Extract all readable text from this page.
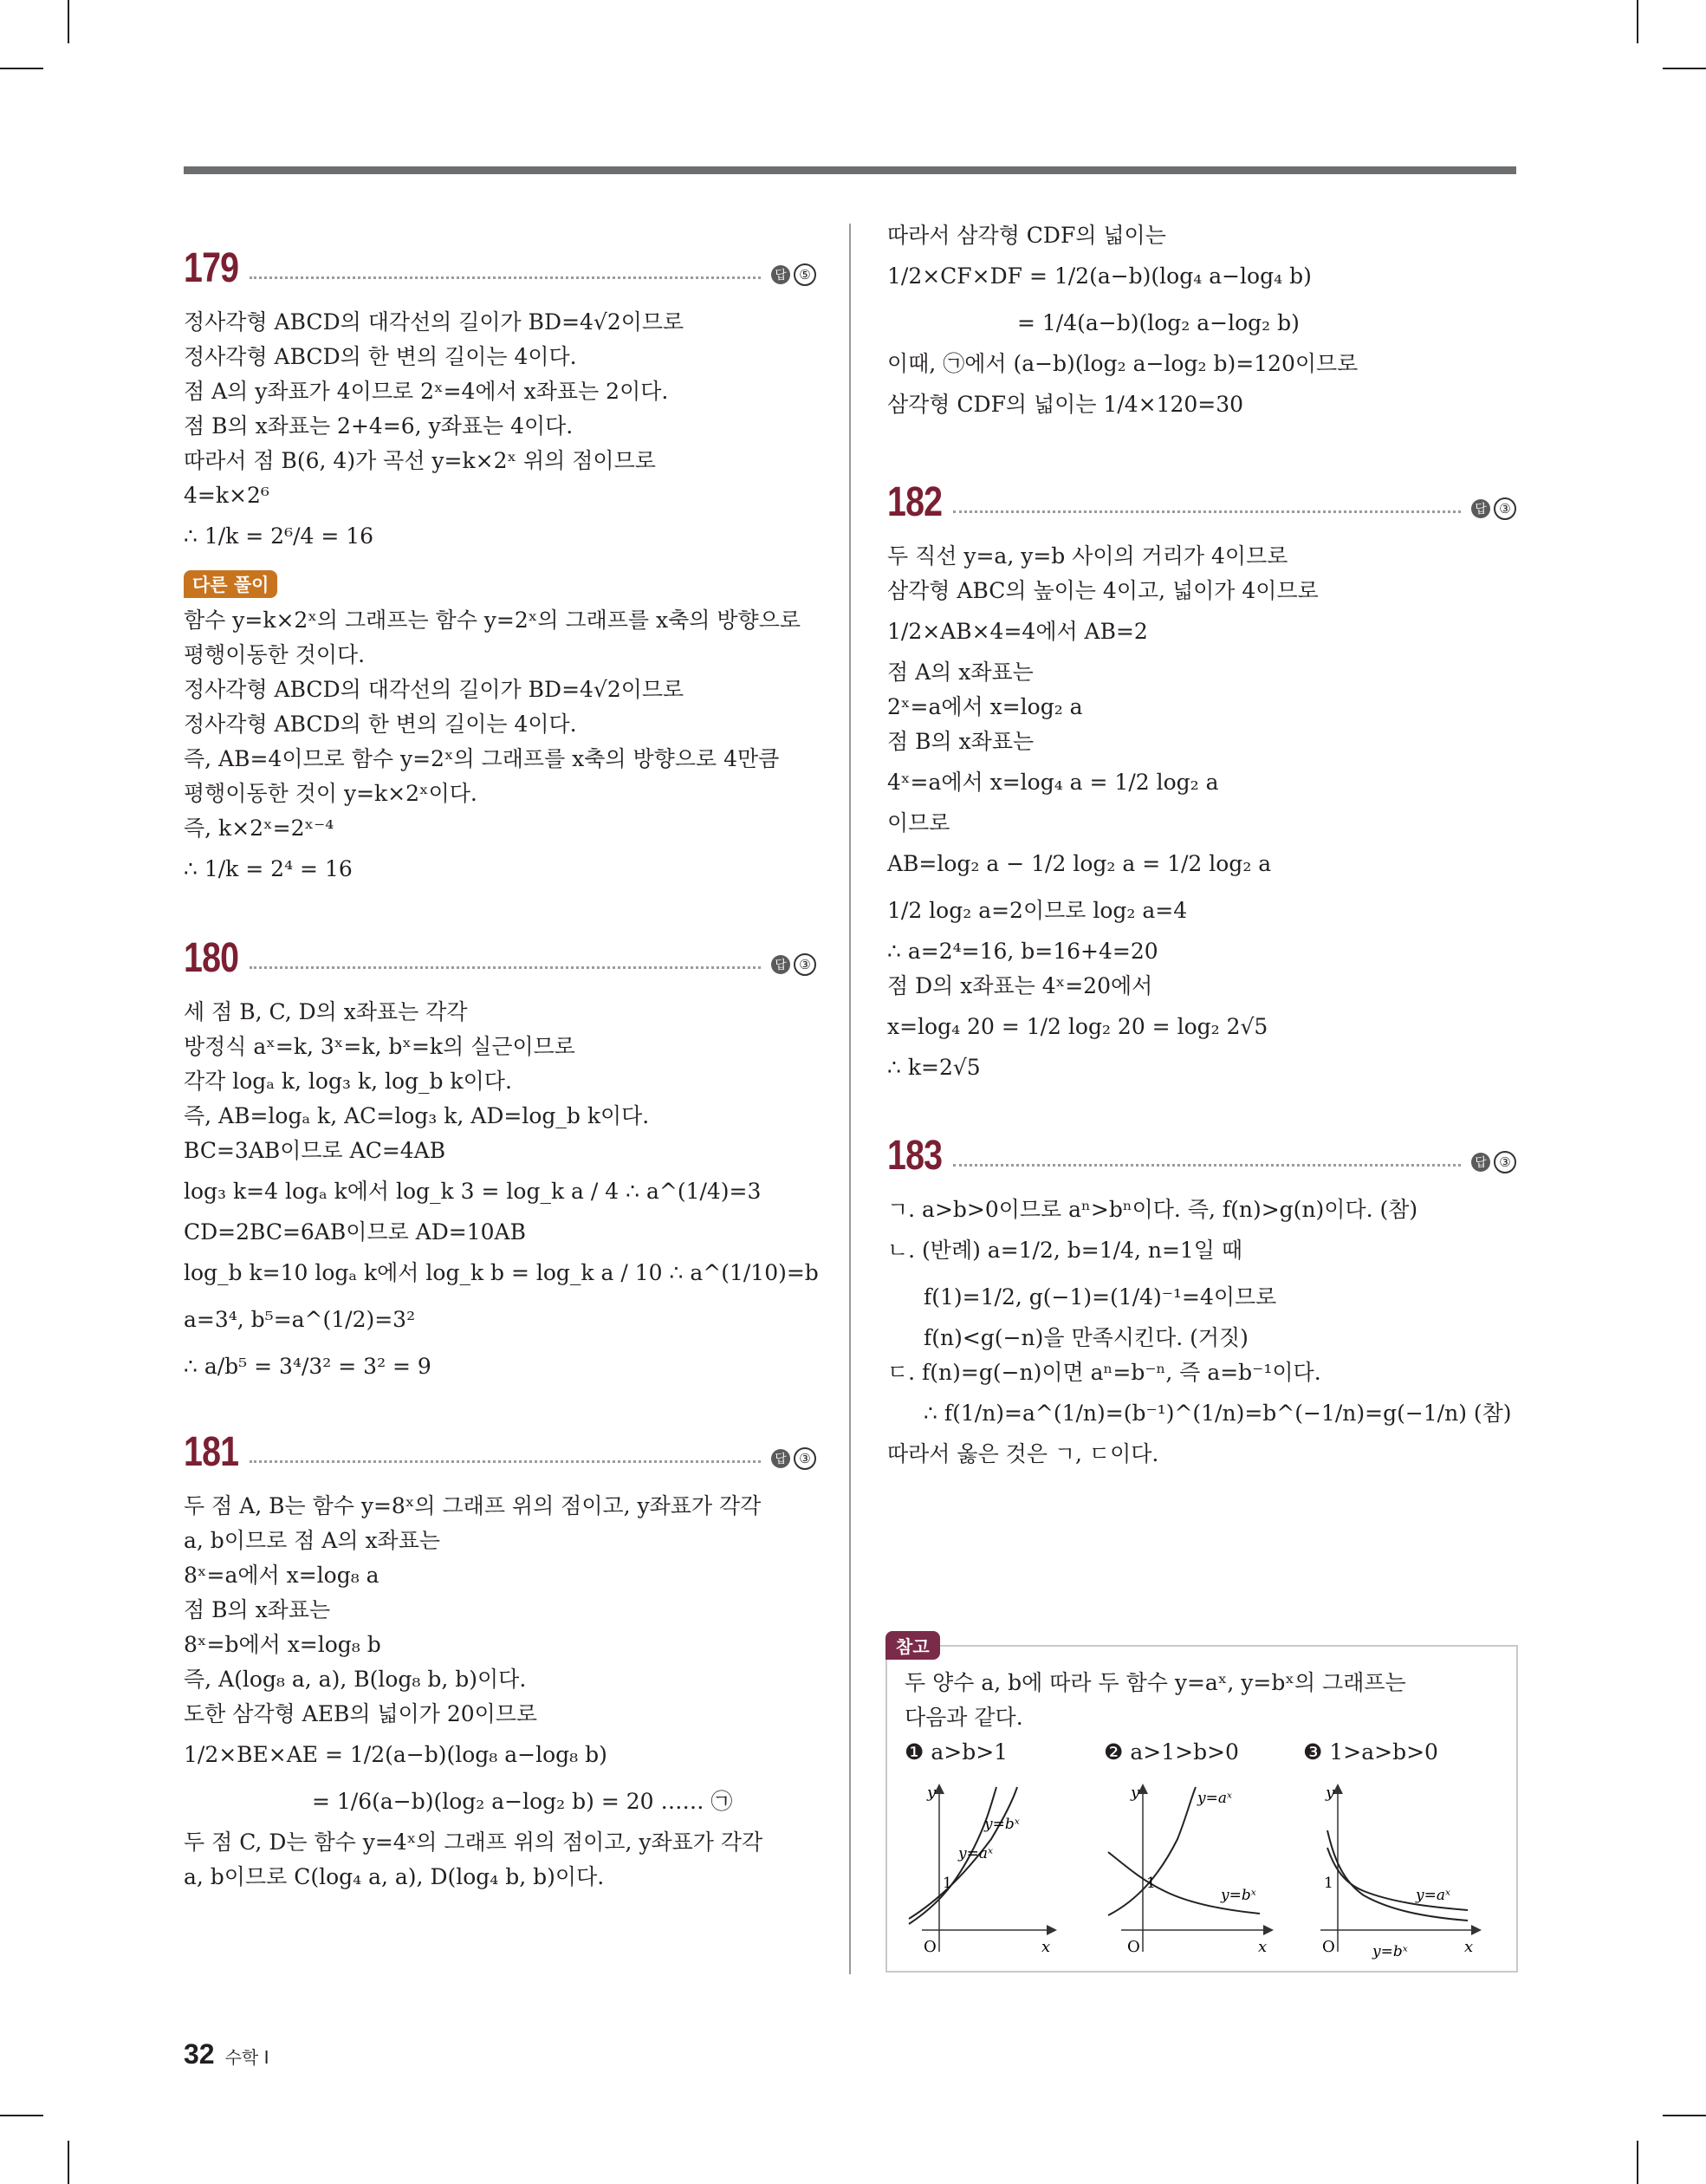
179	답 ⑤
정사각형 ABCD의 대각선의 길이가 BD=4√2이므로
정사각형 ABCD의 한 변의 길이는 4이다.
점 A의 y좌표가 4이므로 2ˣ=4에서 x좌표는 2이다.
점 B의 x좌표는 2+4=6, y좌표는 4이다.
따라서 점 B(6, 4)가 곡선 y=k×2ˣ 위의 점이므로
4=k×2⁶
∴ 1/k = 2⁶/4 = 16
다른 풀이
함수 y=k×2ˣ의 그래프는 함수 y=2ˣ의 그래프를 x축의 방향으로
평행이동한 것이다.
정사각형 ABCD의 대각선의 길이가 BD=4√2이므로
정사각형 ABCD의 한 변의 길이는 4이다.
즉, AB=4이므로 함수 y=2ˣ의 그래프를 x축의 방향으로 4만큼
평행이동한 것이 y=k×2ˣ이다.
즉, k×2ˣ=2ˣ⁻⁴
∴ 1/k = 2⁴ = 16
180	답 ③
세 점 B, C, D의 x좌표는 각각
방정식 aˣ=k, 3ˣ=k, bˣ=k의 실근이므로
각각 logₐ k, log₃ k, log_b k이다.
즉, AB=logₐ k, AC=log₃ k, AD=log_b k이다.
BC=3AB이므로 AC=4AB
log₃ k=4 logₐ k에서 log_k 3 = log_k a / 4 ∴ a^(1/4)=3
CD=2BC=6AB이므로 AD=10AB
log_b k=10 logₐ k에서 log_k b = log_k a / 10 ∴ a^(1/10)=b
a=3⁴, b⁵=a^(1/2)=3²
∴ a/b⁵ = 3⁴/3² = 3² = 9
181	답 ③
두 점 A, B는 함수 y=8ˣ의 그래프 위의 점이고, y좌표가 각각
a, b이므로 점 A의 x좌표는
8ˣ=a에서 x=log₈ a
점 B의 x좌표는
8ˣ=b에서 x=log₈ b
즉, A(log₈ a, a), B(log₈ b, b)이다.
도한 삼각형 AEB의 넓이가 20이므로
1/2×BE×AE = 1/2(a−b)(log₈ a−log₈ b)
= 1/6(a−b)(log₂ a−log₂ b) = 20 …… ㉠
두 점 C, D는 함수 y=4ˣ의 그래프 위의 점이고, y좌표가 각각
a, b이므로 C(log₄ a, a), D(log₄ b, b)이다.
따라서 삼각형 CDF의 넓이는
1/2×CF×DF = 1/2(a−b)(log₄ a−log₄ b)
= 1/4(a−b)(log₂ a−log₂ b)
이때, ㉠에서 (a−b)(log₂ a−log₂ b)=120이므로
삼각형 CDF의 넓이는 1/4×120=30
182	답 ③
두 직선 y=a, y=b 사이의 거리가 4이므로
삼각형 ABC의 높이는 4이고, 넓이가 4이므로
1/2×AB×4=4에서 AB=2
점 A의 x좌표는
2ˣ=a에서 x=log₂ a
점 B의 x좌표는
4ˣ=a에서 x=log₄ a = 1/2 log₂ a
이므로
AB=log₂ a − 1/2 log₂ a = 1/2 log₂ a
1/2 log₂ a=2이므로 log₂ a=4
∴ a=2⁴=16, b=16+4=20
점 D의 x좌표는 4ˣ=20에서
x=log₄ 20 = 1/2 log₂ 20 = log₂ 2√5
∴ k=2√5
183	답 ③
ㄱ. a>b>0이므로 aⁿ>bⁿ이다. 즉, f(n)>g(n)이다. (참)
ㄴ. (반례) a=1/2, b=1/4, n=1일 때
f(1)=1/2, g(−1)=(1/4)⁻¹=4이므로
f(n)<g(−n)을 만족시킨다. (거짓)
ㄷ. f(n)=g(−n)이면 aⁿ=b⁻ⁿ, 즉 a=b⁻¹이다.
∴ f(1/n)=a^(1/n)=(b⁻¹)^(1/n)=b^(−1/n)=g(−1/n) (참)
따라서 옳은 것은 ㄱ, ㄷ이다.
참고
두 양수 a, b에 따라 두 함수 y=aˣ, y=bˣ의 그래프는
다음과 같다.
❶ a>b>1	❷ a>1>b>0	❸ 1>a>b>0
y
x
O
1
y=bˣ
y=aˣ
y
x
O
1
y=aˣ
y=bˣ
y
x
O
1
y=aˣ
y=bˣ
32 수학 I
